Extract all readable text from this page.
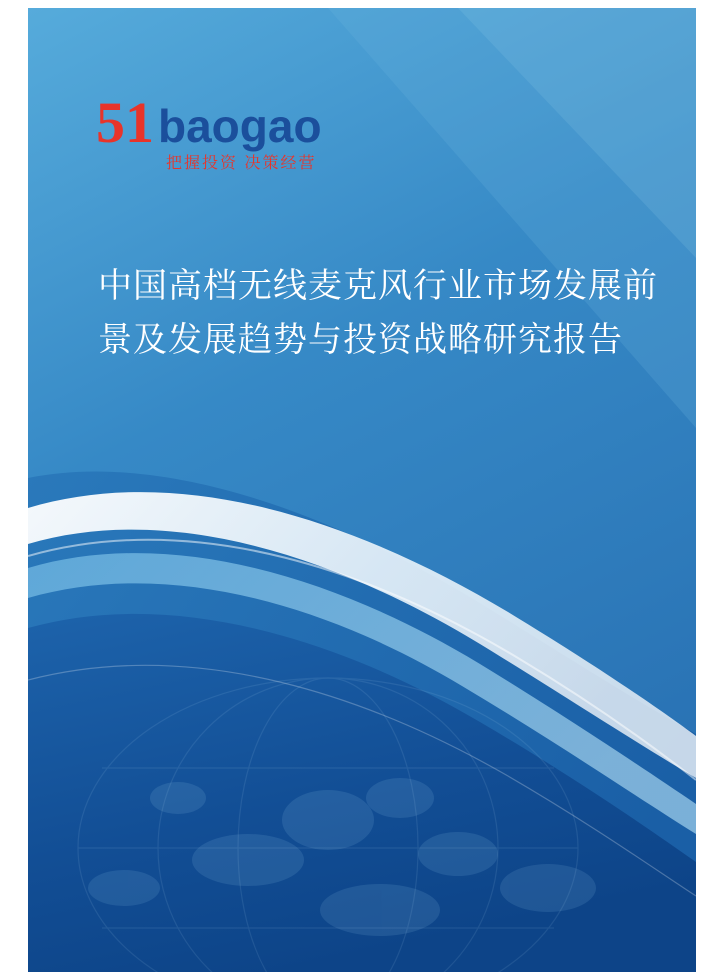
51 baogao
把握投资 决策经营
中国高档无线麦克风行业市场发展前
景及发展趋势与投资战略研究报告
